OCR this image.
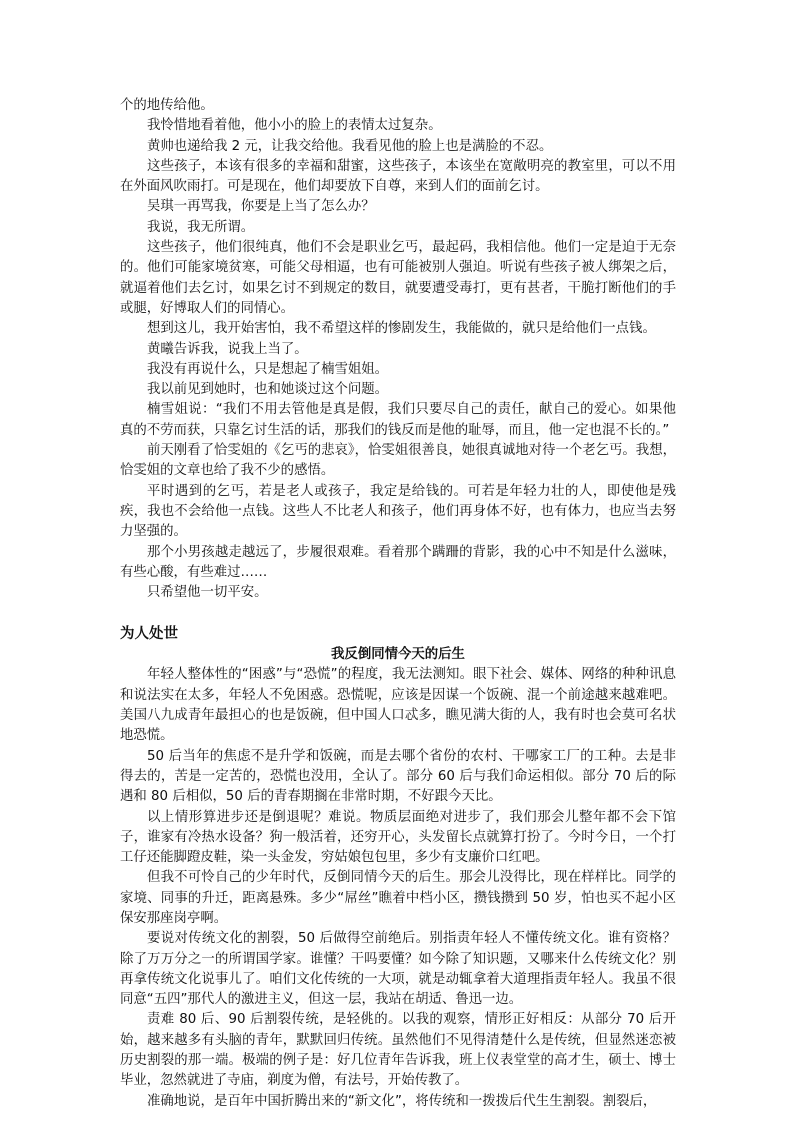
个的地传给他。

我怜惜地看着他，他小小的脸上的表情太过复杂。

黄帅也递给我 2 元，让我交给他。我看见他的脸上也是满脸的不忍。

这些孩子，本该有很多的幸福和甜蜜，这些孩子，本该坐在宽敞明亮的教室里，可以不用在外面风吹雨打。可是现在，他们却要放下自尊，来到人们的面前乞讨。

吴琪一再骂我，你要是上当了怎么办？

我说，我无所谓。

这些孩子，他们很纯真，他们不会是职业乞丐，最起码，我相信他。他们一定是迫于无奈的。他们可能家境贫寒，可能父母相逼，也有可能被别人强迫。听说有些孩子被人绑架之后，就逼着他们去乞讨，如果乞讨不到规定的数目，就要遭受毒打，更有甚者，干脆打断他们的手或腿，好博取人们的同情心。

想到这儿，我开始害怕，我不希望这样的惨剧发生，我能做的，就只是给他们一点钱。

黄曦告诉我，说我上当了。

我没有再说什么，只是想起了楠雪姐姐。

我以前见到她时，也和她谈过这个问题。

楠雪姐说：“我们不用去管他是真是假，我们只要尽自己的责任，献自己的爱心。如果他真的不劳而获，只靠乞讨生活的话，那我们的钱反而是他的耻辱，而且，他一定也混不长的。”

前天刚看了恰雯姐的《乞丐的悲哀》，恰雯姐很善良，她很真诚地对待一个老乞丐。我想，恰雯姐的文章也给了我不少的感悟。

平时遇到的乞丐，若是老人或孩子，我定是给钱的。可若是年轻力壮的人，即使他是残疾，我也不会给他一点钱。这些人不比老人和孩子，他们再身体不好，也有体力，也应当去努力坚强的。

那个小男孩越走越远了，步履很艰难。看着那个蹒跚的背影，我的心中不知是什么滋味，有些心酸，有些难过……

只希望他一切平安。

为人处世
我反倒同情今天的后生

年轻人整体性的“困惑”与“恐慌”的程度，我无法测知。眼下社会、媒体、网络的种种讯息和说法实在太多，年轻人不免困惑。恐慌呢，应该是因谋一个饭碗、混一个前途越来越难吧。美国八九成青年最担心的也是饭碗，但中国人口忒多，瞧见满大街的人，我有时也会莫可名状地恐慌。

50 后当年的焦虑不是升学和饭碗，而是去哪个省份的农村、干哪家工厂的工种。去是非得去的，苦是一定苦的，恐慌也没用，全认了。部分 60 后与我们命运相似。部分 70 后的际遇和 80 后相似，50 后的青春期搁在非常时期，不好跟今天比。

以上情形算进步还是倒退呢？难说。物质层面绝对进步了，我们那会儿整年都不会下馆子，谁家有冷热水设备？狗一般活着，还穷开心，头发留长点就算打扮了。今时今日，一个打工仔还能脚蹬皮鞋，染一头金发，穷姑娘包包里，多少有支廉价口红吧。

但我不可怜自己的少年时代，反倒同情今天的后生。那会儿没得比，现在样样比。同学的家境、同事的升迁，距离悬殊。多少“屌丝”瞧着中档小区，攒钱攒到 50 岁，怕也买不起小区保安那座岗亭啊。

要说对传统文化的割裂，50 后做得空前绝后。别指责年轻人不懂传统文化。谁有资格？除了万万分之一的所谓国学家。谁懂？干吗要懂？如今除了知识题，又哪来什么传统文化？别再拿传统文化说事儿了。咱们文化传统的一大项，就是动辄拿着大道理指责年轻人。我虽不很同意“五四”那代人的激进主义，但这一层，我站在胡适、鲁迅一边。

责难 80 后、90 后割裂传统，是轻佻的。以我的观察，情形正好相反：从部分 70 后开始，越来越多有头脑的青年，默默回归传统。虽然他们不见得清楚什么是传统，但显然迷恋被历史割裂的那一端。极端的例子是：好几位青年告诉我，班上仪表堂堂的高才生，硕士、博士毕业，忽然就进了寺庙，剃度为僧，有法号，开始传教了。

准确地说，是百年中国折腾出来的“新文化”，将传统和一拨拨后代生生割裂。割裂后，
